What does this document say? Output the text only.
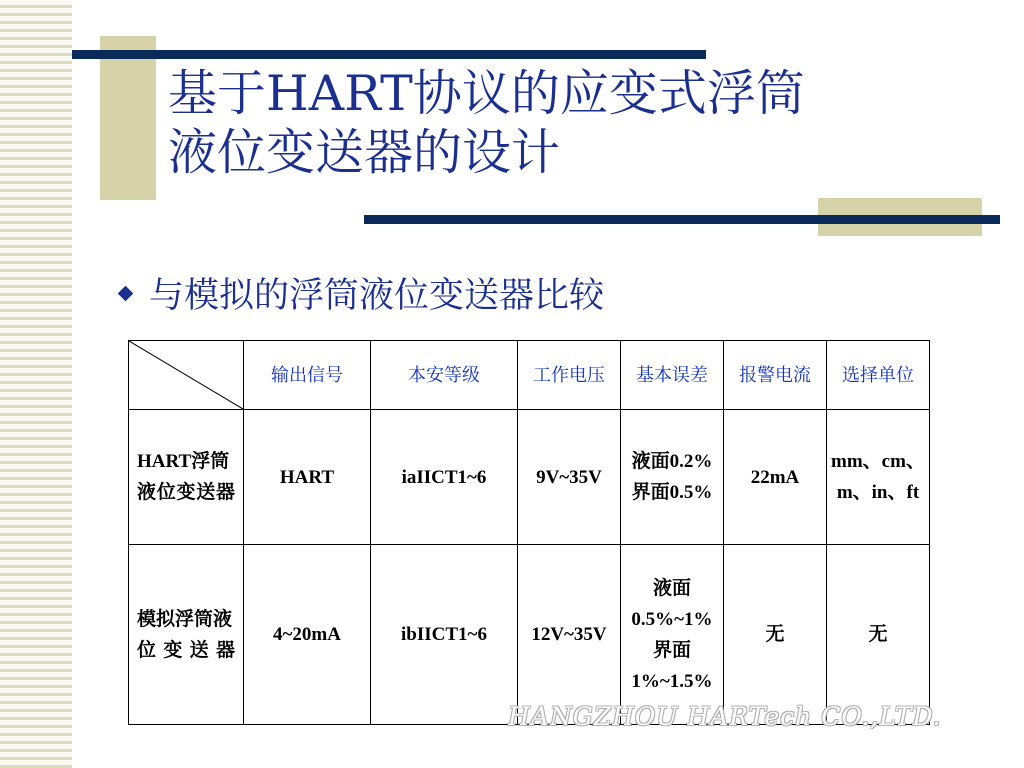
基于HART协议的应变式浮筒
液位变送器的设计
与模拟的浮筒液位变送器比较
	输出信号	本安等级	工作电压	基本误差	报警电流	选择单位
HART浮筒液位变送器	HART	iaIICT1~6	9V~35V	液面0.2%界面0.5%	22mA	mm、cm、m、in、ft
模拟浮筒液位变送器	4~20mA	ibIICT1~6	12V~35V	液面0.5%~1%界面1%~1.5%	无	无
HANGZHOU HARTech CO.,LTD.
